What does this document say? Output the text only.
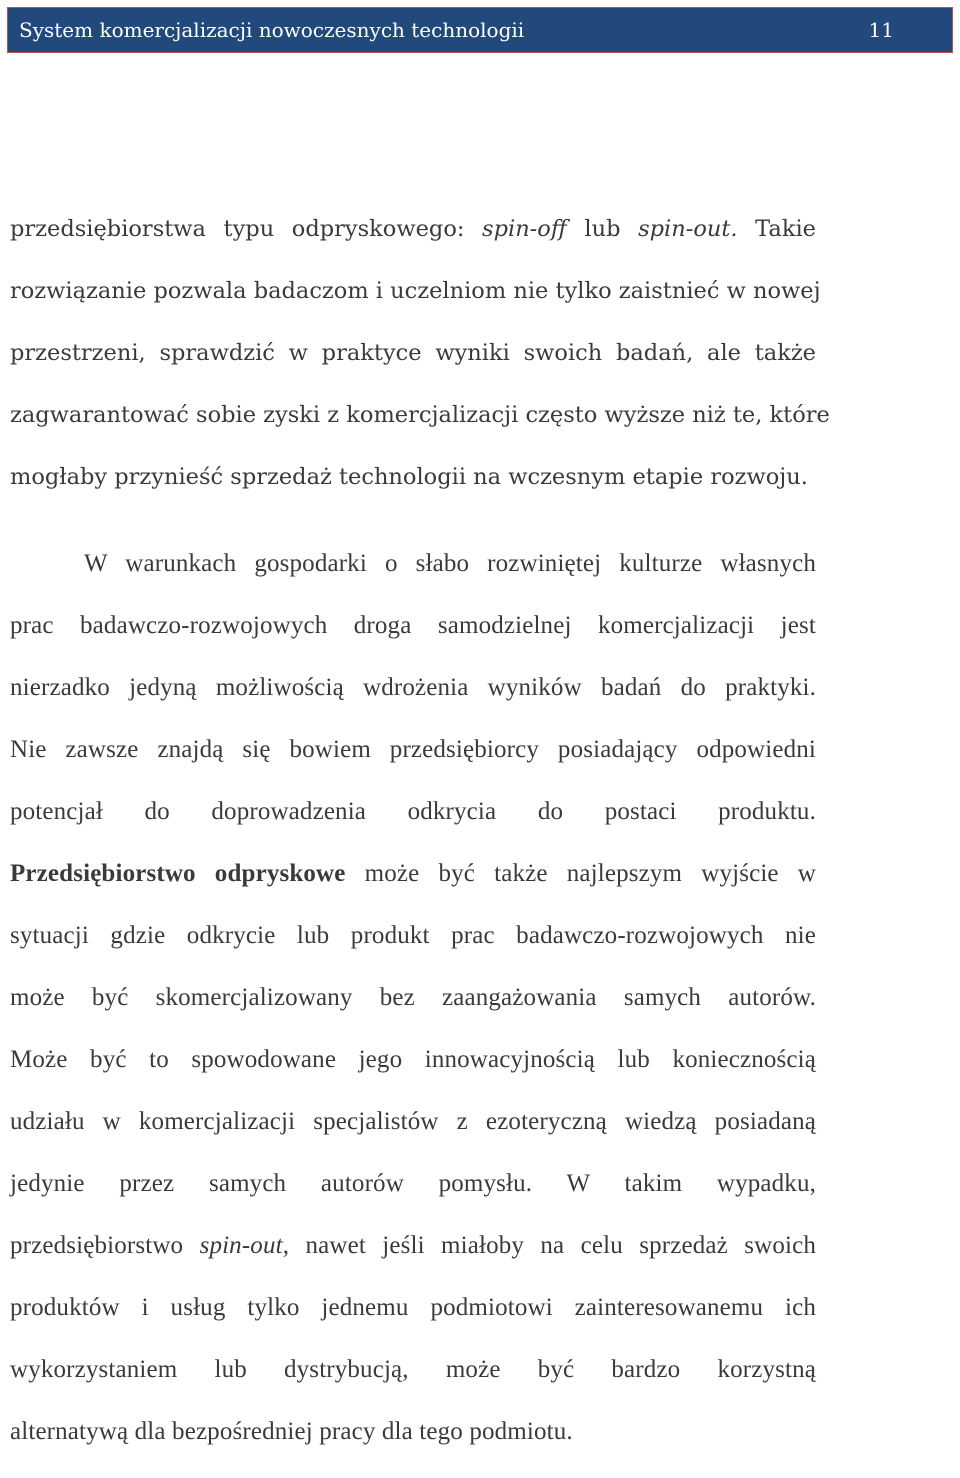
System komercjalizacji nowoczesnych technologii	11
przedsiębiorstwa typu odpryskowego: spin-off lub spin-out. Takie
rozwiązanie pozwala badaczom i uczelniom nie tylko zaistnieć w nowej
przestrzeni, sprawdzić w praktyce wyniki swoich badań, ale także
zagwarantować sobie zyski z komercjalizacji często wyższe niż te, które
mogłaby przynieść sprzedaż technologii na wczesnym etapie rozwoju.
W warunkach gospodarki o słabo rozwiniętej kulturze własnych
prac badawczo-rozwojowych droga samodzielnej komercjalizacji jest
nierzadko jedyną możliwością wdrożenia wyników badań do praktyki.
Nie zawsze znajdą się bowiem przedsiębiorcy posiadający odpowiedni
potencjał do doprowadzenia odkrycia do postaci produktu.
Przedsiębiorstwo odpryskowe może być także najlepszym wyjście w
sytuacji gdzie odkrycie lub produkt prac badawczo-rozwojowych nie
może być skomercjalizowany bez zaangażowania samych autorów.
Może być to spowodowane jego innowacyjnością lub koniecznością
udziału w komercjalizacji specjalistów z ezoteryczną wiedzą posiadaną
jedynie przez samych autorów pomysłu. W takim wypadku,
przedsiębiorstwo spin-out, nawet jeśli miałoby na celu sprzedaż swoich
produktów i usług tylko jednemu podmiotowi zainteresowanemu ich
wykorzystaniem lub dystrybucją, może być bardzo korzystną
alternatywą dla bezpośredniej pracy dla tego podmiotu.
